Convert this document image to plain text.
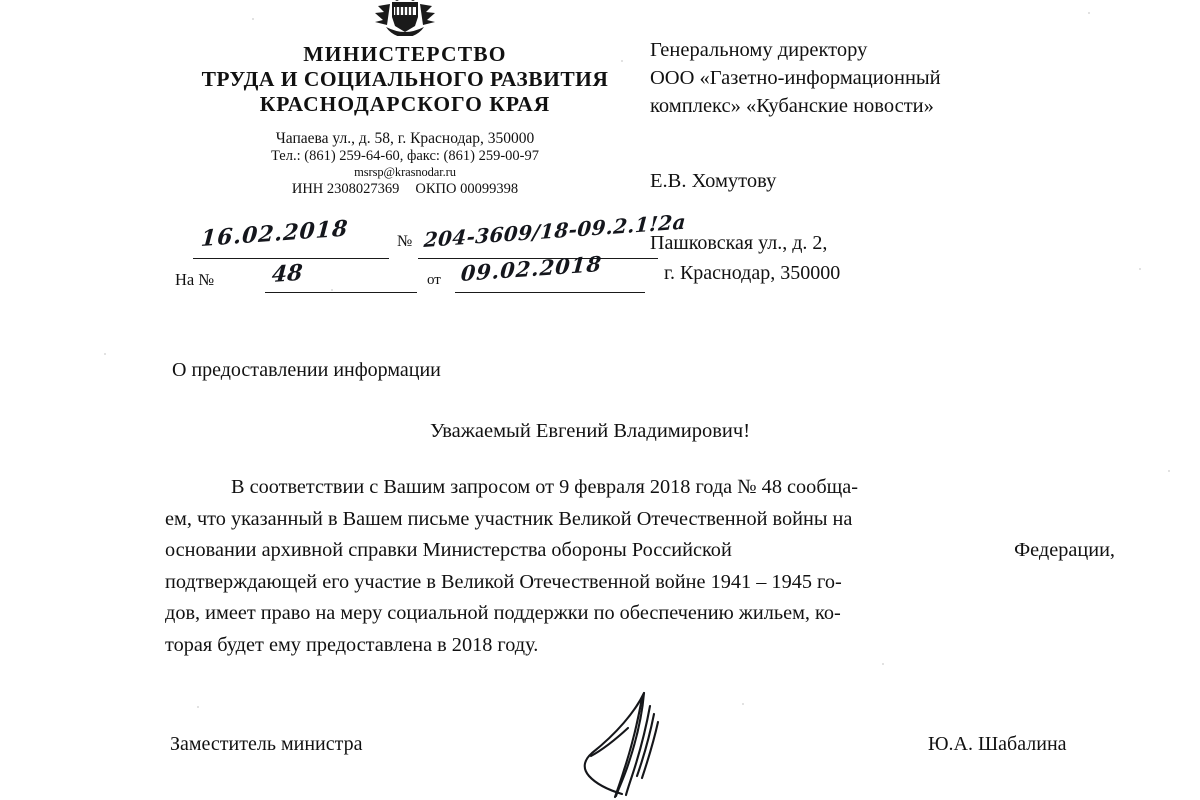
МИНИСТЕРСТВО
ТРУДА И СОЦИАЛЬНОГО РАЗВИТИЯ
КРАСНОДАРСКОГО КРАЯ
Чапаева ул., д. 58, г. Краснодар, 350000
Тел.: (861) 259-64-60, факс: (861) 259-00-97
msrsp@krasnodar.ru
ИНН 2308027369 ОКПО 00099398
16.02.2018	№ 204-3609/18-09.2.1!2a
На №	48	от 09.02.2018
Генеральному директору
ООО «Газетно-информационный
комплекс» «Кубанские новости»
Е.В. Хомутову
Пашковская ул., д. 2,
г. Краснодар, 350000
О предоставлении информации
Уважаемый Евгений Владимирович!
В соответствии с Вашим запросом от 9 февраля 2018 года № 48 сообща-
ем, что указанный в Вашем письме участник Великой Отечественной войны на
основании архивной справки Министерства обороны Российской	Федерации,
подтверждающей его участие в Великой Отечественной войне 1941 – 1945 го-
дов, имеет право на меру социальной поддержки по обеспечению жильем, ко-
торая будет ему предоставлена в 2018 году.
Заместитель министра	Ю.А. Шабалина
